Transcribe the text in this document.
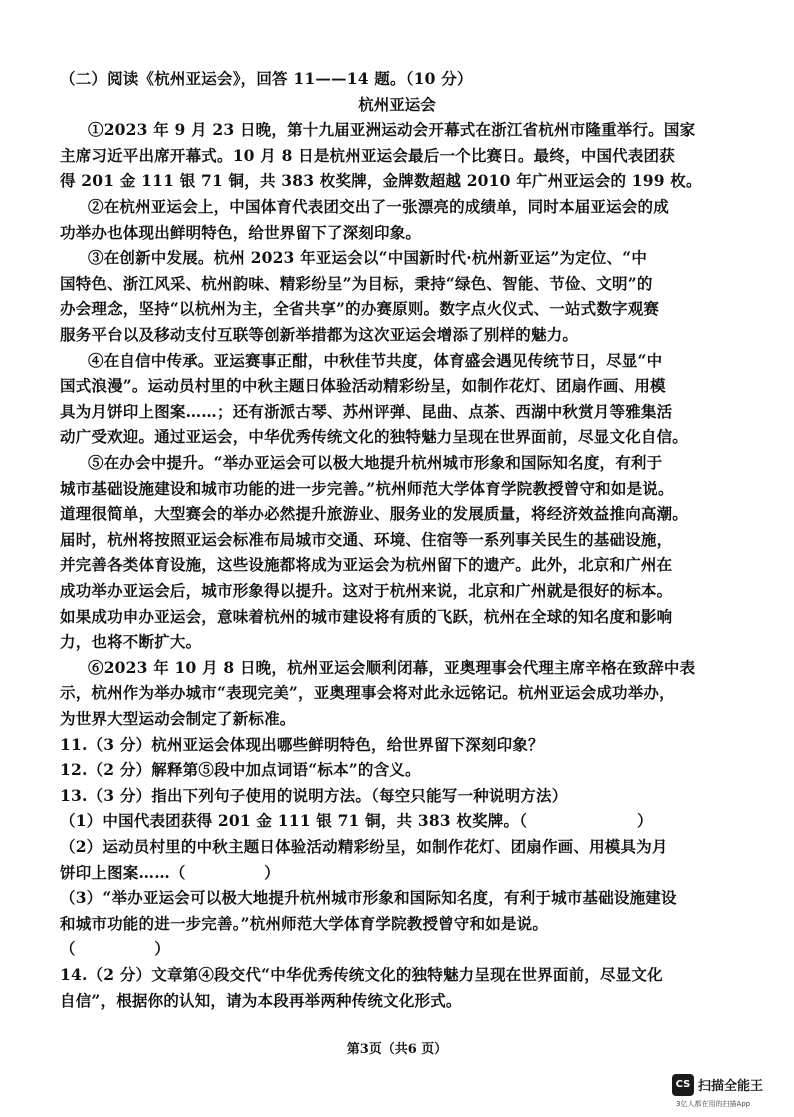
（二）阅读《杭州亚运会》，回答 11——14 题。（10 分）
杭州亚运会
①2023 年 9 月 23 日晚，第十九届亚洲运动会开幕式在浙江省杭州市隆重举行。国家
主席习近平出席开幕式。10 月 8 日是杭州亚运会最后一个比赛日。最终，中国代表团获
得 201 金 111 银 71 铜，共 383 枚奖牌，金牌数超越 2010 年广州亚运会的 199 枚。
②在杭州亚运会上，中国体育代表团交出了一张漂亮的成绩单，同时本届亚运会的成
功举办也体现出鲜明特色，给世界留下了深刻印象。
③在创新中发展。杭州 2023 年亚运会以“中国新时代·杭州新亚运”为定位、“中
国特色、浙江风采、杭州韵味、精彩纷呈”为目标，秉持“绿色、智能、节俭、文明”的
办会理念，坚持“以杭州为主，全省共享”的办赛原则。数字点火仪式、一站式数字观赛
服务平台以及移动支付互联等创新举措都为这次亚运会增添了别样的魅力。
④在自信中传承。亚运赛事正酣，中秋佳节共度，体育盛会遇见传统节日，尽显“中
国式浪漫”。运动员村里的中秋主题日体验活动精彩纷呈，如制作花灯、团扇作画、用模
具为月饼印上图案……；还有浙派古琴、苏州评弹、昆曲、点茶、西湖中秋赏月等雅集活
动广受欢迎。通过亚运会，中华优秀传统文化的独特魅力呈现在世界面前，尽显文化自信。
⑤在办会中提升。“举办亚运会可以极大地提升杭州城市形象和国际知名度，有利于
城市基础设施建设和城市功能的进一步完善。”杭州师范大学体育学院教授曾守和如是说。
道理很简单，大型赛会的举办必然提升旅游业、服务业的发展质量，将经济效益推向高潮。
届时，杭州将按照亚运会标准布局城市交通、环境、住宿等一系列事关民生的基础设施，
并完善各类体育设施，这些设施都将成为亚运会为杭州留下的遗产。此外，北京和广州在
成功举办亚运会后，城市形象得以提升。这对于杭州来说，北京和广州就是很好的标本。
如果成功申办亚运会，意味着杭州的城市建设将有质的飞跃，杭州在全球的知名度和影响
力，也将不断扩大。
⑥2023 年 10 月 8 日晚，杭州亚运会顺利闭幕，亚奥理事会代理主席辛格在致辞中表
示，杭州作为举办城市“表现完美”，亚奥理事会将对此永远铭记。杭州亚运会成功举办，
为世界大型运动会制定了新标准。
11.（3 分）杭州亚运会体现出哪些鲜明特色，给世界留下深刻印象？
12.（2 分）解释第⑤段中加点词语“标本”的含义。
13.（3 分）指出下列句子使用的说明方法。（每空只能写一种说明方法）
（1）中国代表团获得 201 金 111 银 71 铜，共 383 枚奖牌。（　　　　　　　）
（2）运动员村里的中秋主题日体验活动精彩纷呈，如制作花灯、团扇作画、用模具为月
饼印上图案……（　　　　　）
（3）“举办亚运会可以极大地提升杭州城市形象和国际知名度，有利于城市基础设施建设
和城市功能的进一步完善。”杭州师范大学体育学院教授曾守和如是说。
（　　　　　）
第3页（共6 页）
CS 扫描全能王
3亿人都在用的扫描App
14.（2 分）文章第④段交代“中华优秀传统文化的独特魅力呈现在世界面前，尽显文化
自信”，根据你的认知，请为本段再举两种传统文化形式。
